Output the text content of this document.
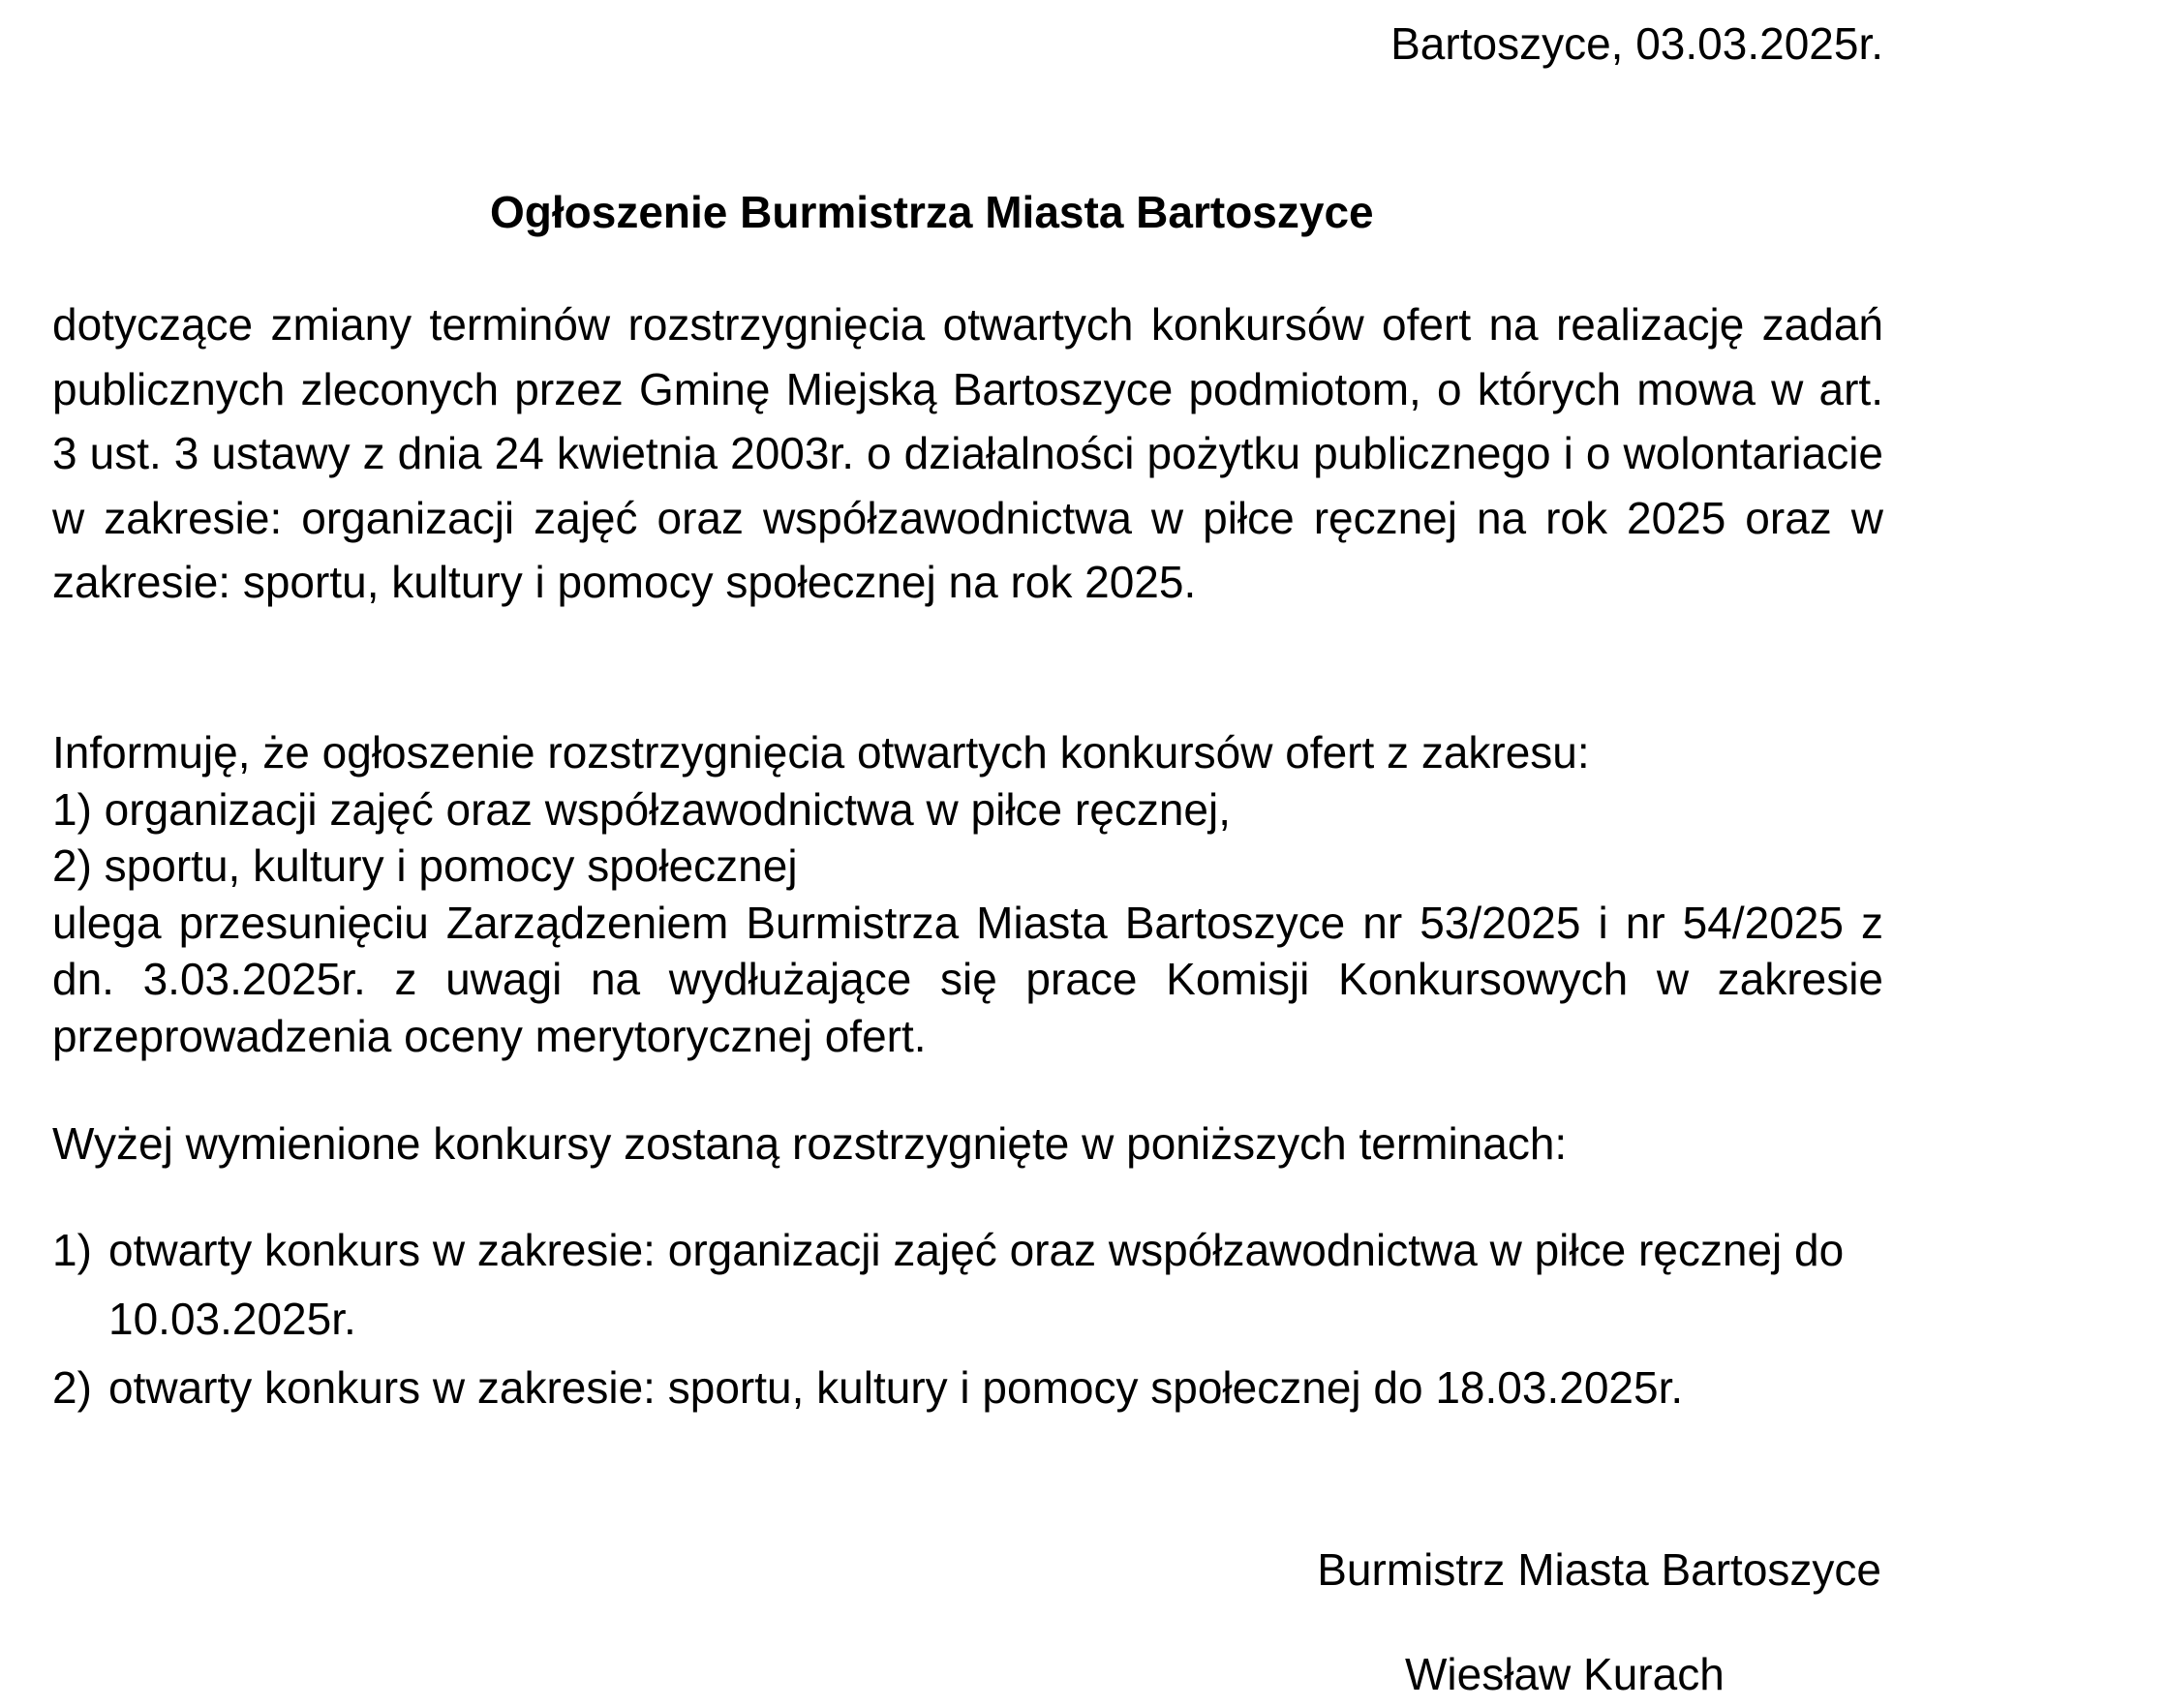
Bartoszyce, 03.03.2025r.
Ogłoszenie Burmistrza Miasta Bartoszyce
dotyczące zmiany terminów rozstrzygnięcia otwartych konkursów ofert na realizację zadań publicznych zleconych przez Gminę Miejską Bartoszyce podmiotom, o których mowa w art. 3 ust. 3 ustawy z dnia 24 kwietnia 2003r. o działalności pożytku publicznego i o wolontariacie w zakresie: organizacji zajęć oraz współzawodnictwa w piłce ręcznej na rok 2025 oraz w zakresie: sportu, kultury i pomocy społecznej na rok 2025.
Informuję, że ogłoszenie rozstrzygnięcia otwartych konkursów ofert z zakresu:
1) organizacji zajęć oraz współzawodnictwa w piłce ręcznej,
2) sportu, kultury i pomocy społecznej
ulega przesunięciu Zarządzeniem Burmistrza Miasta Bartoszyce nr 53/2025 i nr 54/2025 z dn. 3.03.2025r. z uwagi na wydłużające się prace Komisji Konkursowych w zakresie przeprowadzenia oceny merytorycznej ofert.
Wyżej wymienione konkursy zostaną rozstrzygnięte w poniższych terminach:
1) otwarty konkurs w zakresie: organizacji zajęć oraz współzawodnictwa w piłce ręcznej do 10.03.2025r.
2) otwarty konkurs w zakresie: sportu, kultury i pomocy społecznej do 18.03.2025r.
Burmistrz Miasta Bartoszyce
Wiesław Kurach
